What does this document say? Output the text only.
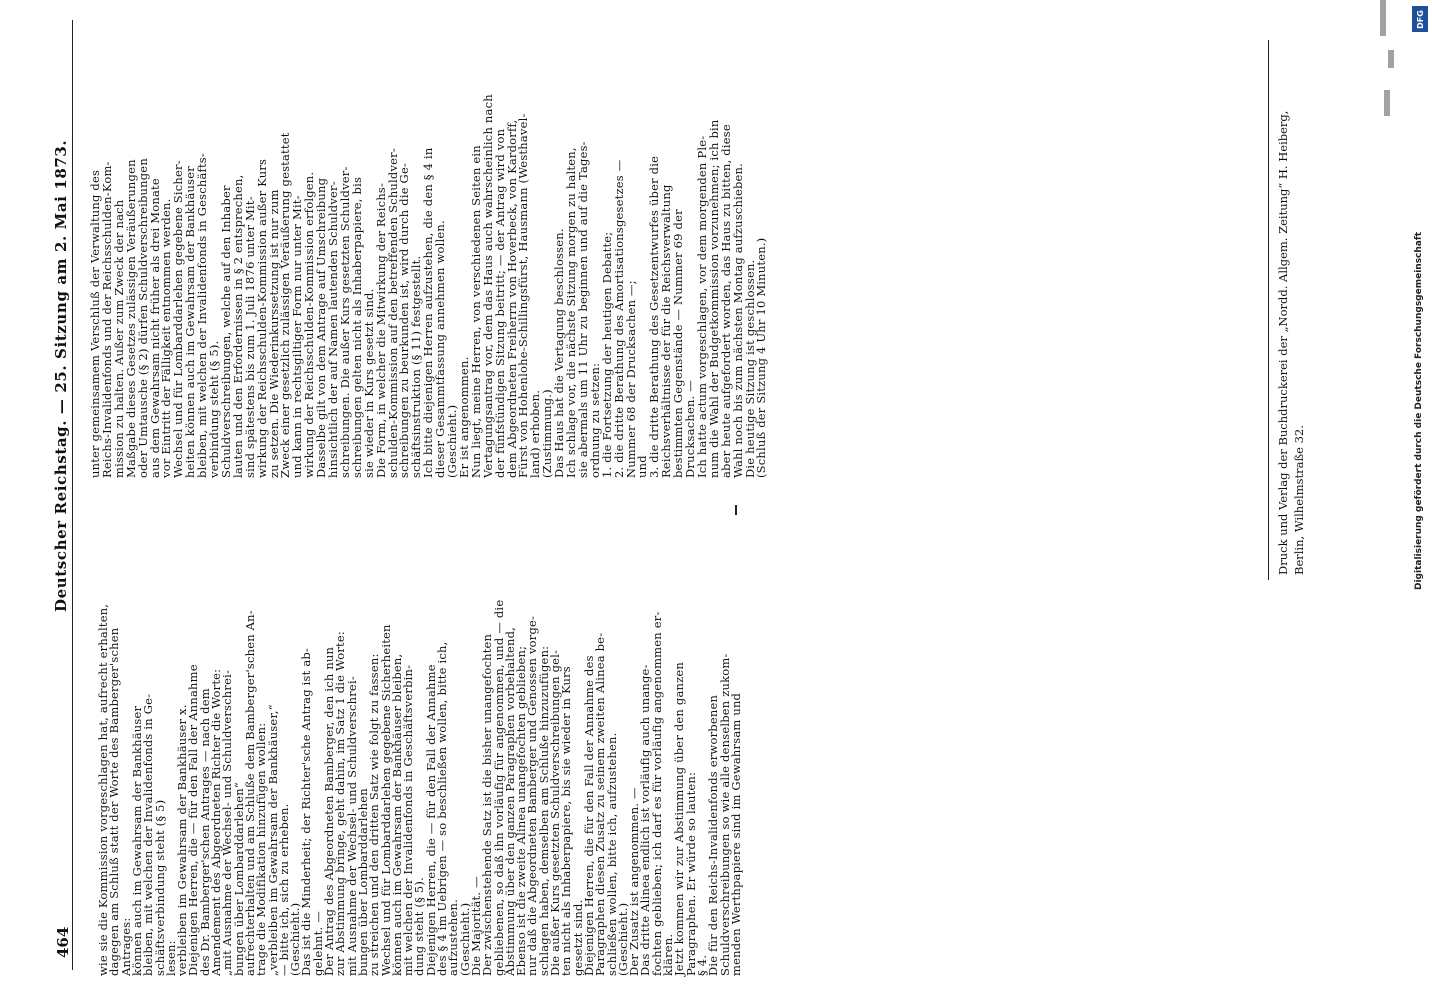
464
Deutscher Reichstag. — 25. Sitzung am 2. Mai 1873.
wie sie die Kommission vorgeschlagen hat, aufrecht erhalten,
dagegen am Schluß statt der Worte des Bamberger'schen
Antrages:
können auch im Gewahrsam der Bankhäuser
bleiben, mit welchen der Invalidenfonds in Ge-
schäftsverbindung steht (§ 5)
lesen:
verbleiben im Gewahrsam der Bankhäuser x.
Diejenigen Herren, die — für den Fall der Annahme
des Dr. Bamberger'schen Antrages — nach dem
Amendement des Abgeordneten Richter die Worte:
„mit Ausnahme der Wechsel- und Schuldverschrei-
bungen über Lombarddarlehen“
aufrechterhalten und am Schluße dem Bamberger'schen An-
trage die Modifikation hinzufügen wollen:
„verbleiben im Gewahrsam der Bankhäuser,“
— bitte ich, sich zu erheben.
(Geschieht.)
Das ist die Minderheit; der Richter'sche Antrag ist ab-
gelehnt. —
Der Antrag des Abgeordneten Bamberger, den ich nun
zur Abstimmung bringe, geht dahin, im Satz 1 die Worte:
mit Ausnahme der Wechsel- und Schuldverschrei-
bungen über Lombarddarlehen
zu streichen und den dritten Satz wie folgt zu fassen:
Wechsel und für Lombarddarlehen gegebene Sicherheiten
können auch im Gewahrsam der Bankhäuser bleiben,
mit welchen der Invalidenfonds in Geschäftsverbin-
dung steht (§ 5).
Diejenigen Herren, die — für den Fall der Annahme
des § 4 im Uebrigen — so beschließen wollen, bitte ich,
aufzustehen.
(Geschieht.)
Die Majorität. —
Der zwischenstehende Satz ist die bisher unangefochten
gebliebenen, so daß ihn vorläufig für angenommen, und — die
Abstimmung über den ganzen Paragraphen vorbehaltend,
Ebenso ist die zweite Alinea unangefochten geblieben;
nur daß die Abgeordneten Bamberger und Genossen vorge-
schlagen haben, demselben am Schluße hinzuzufügen:
Die außer Kurs gesetzten Schuldverschreibungen gel-
ten nicht als Inhaberpapiere, bis sie wieder in Kurs
gesetzt sind.
Diejenigen Herren, die für den Fall der Annahme des
Paragraphen diesen Zusatz zu seinem zweiten Alinea be-
schließen wollen, bitte ich, aufzustehen.
(Geschieht.)
Der Zusatz ist angenommen. —
Das dritte Alinea endlich ist vorläufig auch unange-
fochten geblieben; ich darf es für vorläufig angenommen er-
klären.
Jetzt kommen wir zur Abstimmung über den ganzen
Paragraphen. Er würde so lauten:
§ 4.
Die für den Reichs-Invalidenfonds erworbenen
Schuldverschreibungen so wie alle denselben zukom-
menden Werthpapiere sind im Gewahrsam und
unter gemeinsamem Verschluß der Verwaltung des
Reichs-Invalidenfonds und der Reichsschulden-Kom-
mission zu halten. Außer zum Zweck der nach
Maßgabe dieses Gesetzes zulässigen Veräußerungen
oder Umtausche (§ 2) dürfen Schuldverschreibungen
aus dem Gewahrsam nicht früher als drei Monate
vor Eintritt der Fälligkeit entnommen werden.
Wechsel und für Lombarddarlehen gegebene Sicher-
heiten können auch im Gewahrsam der Bankhäuser
bleiben, mit welchen der Invalidenfonds in Geschäfts-
verbindung steht (§ 5).
Schuldverschreibungen, welche auf den Inhaber
lauten und den Erfordernissen in § 2 entsprechen,
sind spätestens bis zum 1. Juli 1876 unter Mit-
wirkung der Reichsschulden-Kommission außer Kurs
zu setzen. Die Wiederinkurssetzung ist nur zum
Zweck einer gesetzlich zulässigen Veräußerung gestattet
und kann in rechtsgiltiger Form nur unter Mit-
wirkung der Reichsschulden-Kommission erfolgen.
Dasselbe gilt von dem Antrage auf Umschreibung
hinsichtlich der auf Namen lautenden Schuldver-
schreibungen. Die außer Kurs gesetzten Schuldver-
schreibungen gelten nicht als Inhaberpapiere, bis
sie wieder in Kurs gesetzt sind.
Die Form, in welcher die Mitwirkung der Reichs-
schulden-Kommission auf den betreffenden Schuldver-
schreibungen zu beurkunden ist, wird durch die Ge-
schäftsinstruktion (§ 11) festgestellt.
Ich bitte diejenigen Herren aufzustehen, die den § 4 in
dieser Gesammtfassung annehmen wollen.
(Geschieht.)
Er ist angenommen.
Nun liegt, meine Herren, von verschiedenen Seiten ein
Vertagungsantrag vor, dem das Haus auch wahrscheinlich nach
der fünfstündigen Sitzung beitritt; — der Antrag wird von
dem Abgeordneten Freiherrn von Hoverbeck, von Kardorff,
Fürst von Hohenlohe-Schillingsfürst, Hausmann (Westhavel-
land) erhoben.
(Zustimmung.)
Das Haus hat die Vertagung beschlossen.
Ich schlage vor, die nächste Sitzung morgen zu halten,
sie abermals um 11 Uhr zu beginnen und auf die Tages-
ordnung zu setzen:
1. die Fortsetzung der heutigen Debatte;
2. die dritte Berathung des Amortisationsgesetzes —
Nummer 68 der Drucksachen —;
und
3. die dritte Berathung des Gesetzentwurfes über die
Reichsverhältnisse der für die Reichsverwaltung
bestimmten Gegenstände — Nummer 69 der
Drucksachen. —
Ich hatte actum vorgeschlagen, vor dem morgenden Ple-
num die Wahl der Budgetkommission vorzunehmen; ich bin
aber heute aufgefordert worden, das Haus zu bitten, diese
Wahl noch bis zum nächsten Montag aufzuschieben.
Die heutige Sitzung ist geschlossen.
(Schluß der Sitzung 4 Uhr 10 Minuten.)	Druck und Verlag der Buchdruckerei der „Nordd. Allgem. Zeitung“ H. Heiberg, Berlin, Wilhelmstraße 32.
DFG
Digitalisierung gefördert durch die Deutsche Forschungsgemeinschaft
